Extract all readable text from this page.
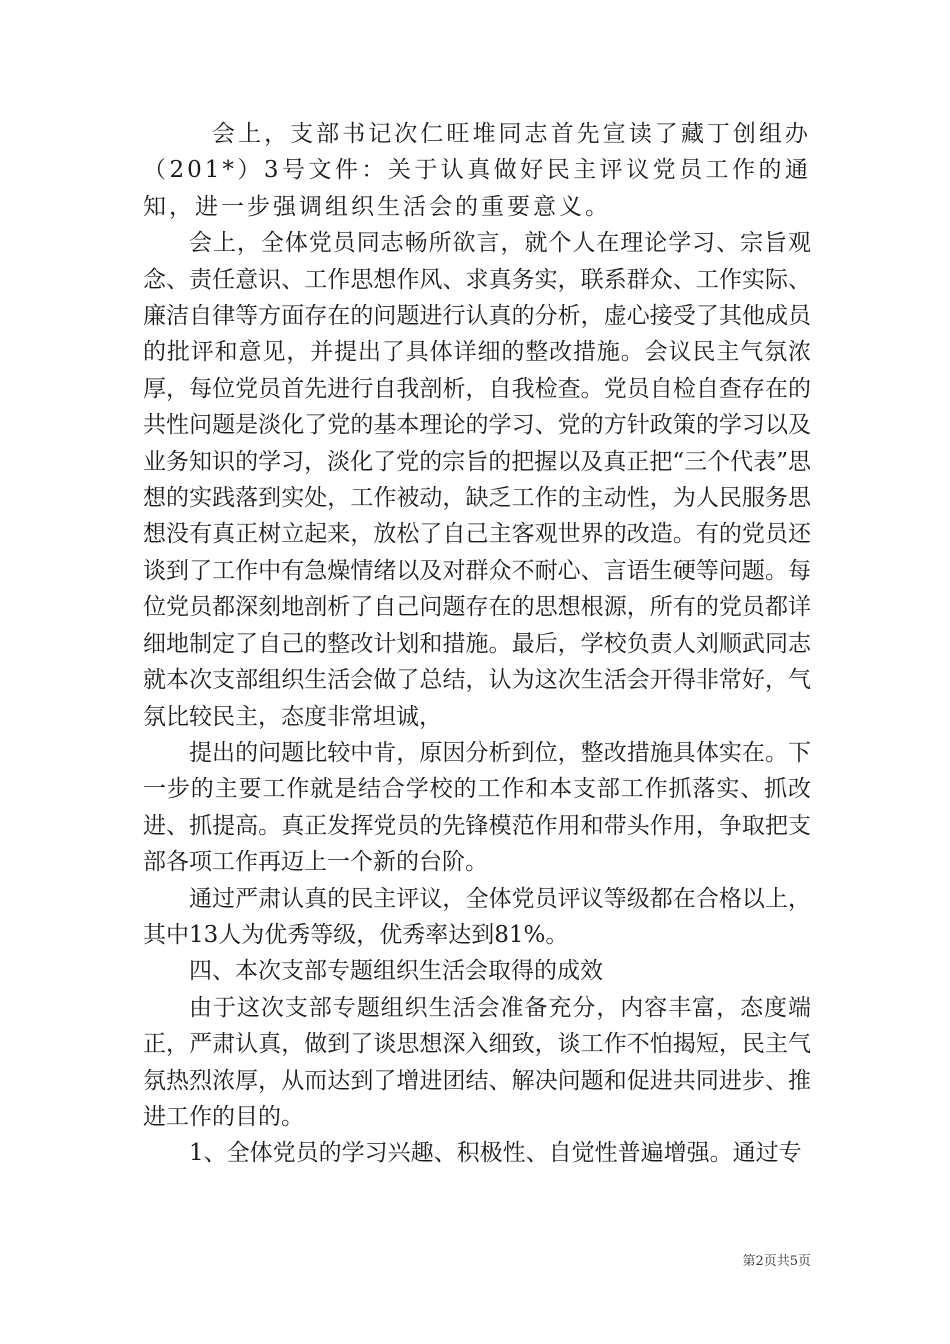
会上，支部书记次仁旺堆同志首先宣读了藏丁创组办（201*）3号文件：关于认真做好民主评议党员工作的通知，进一步强调组织生活会的重要意义。

会上，全体党员同志畅所欲言，就个人在理论学习、宗旨观念、责任意识、工作思想作风、求真务实，联系群众、工作实际、廉洁自律等方面存在的问题进行认真的分析，虚心接受了其他成员的批评和意见，并提出了具体详细的整改措施。会议民主气氛浓厚，每位党员首先进行自我剖析，自我检查。党员自检自查存在的共性问题是淡化了党的基本理论的学习、党的方针政策的学习以及业务知识的学习，淡化了党的宗旨的把握以及真正把“三个代表”思想的实践落到实处，工作被动，缺乏工作的主动性，为人民服务思想没有真正树立起来，放松了自己主客观世界的改造。有的党员还谈到了工作中有急燥情绪以及对群众不耐心、言语生硬等问题。每位党员都深刻地剖析了自己问题存在的思想根源，所有的党员都详细地制定了自己的整改计划和措施。最后，学校负责人刘顺武同志就本次支部组织生活会做了总结，认为这次生活会开得非常好，气氛比较民主，态度非常坦诚，

提出的问题比较中肯，原因分析到位，整改措施具体实在。下一步的主要工作就是结合学校的工作和本支部工作抓落实、抓改进、抓提高。真正发挥党员的先锋模范作用和带头作用，争取把支部各项工作再迈上一个新的台阶。

通过严肃认真的民主评议，全体党员评议等级都在合格以上，其中13人为优秀等级，优秀率达到81%。

四、本次支部专题组织生活会取得的成效

由于这次支部专题组织生活会准备充分，内容丰富，态度端正，严肃认真，做到了谈思想深入细致，谈工作不怕揭短，民主气氛热烈浓厚，从而达到了增进团结、解决问题和促进共同进步、推进工作的目的。

1、全体党员的学习兴趣、积极性、自觉性普遍增强。通过专

第2页共5页
